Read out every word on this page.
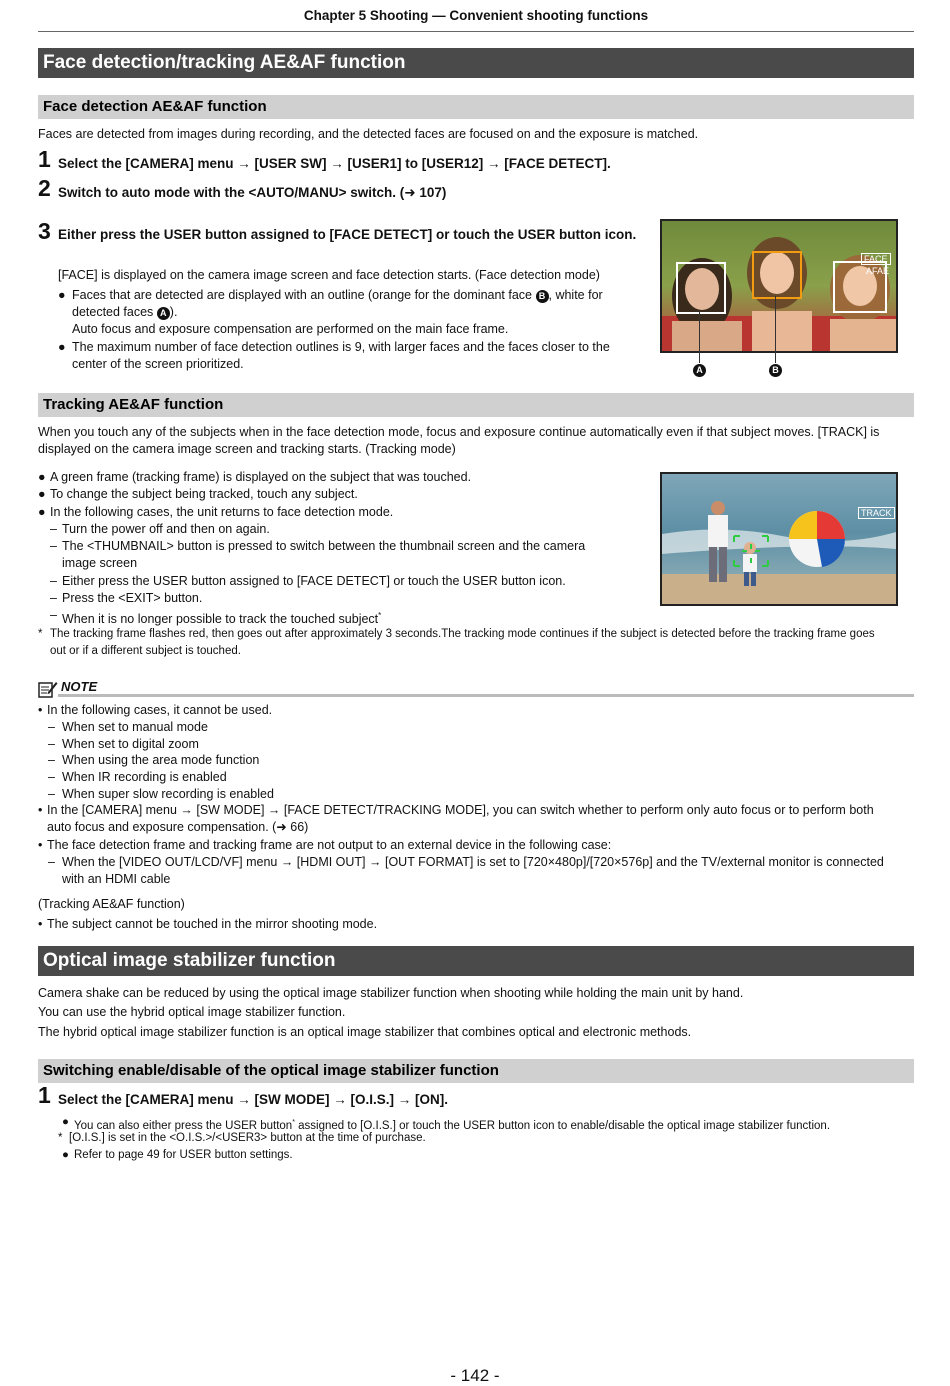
Chapter 5 Shooting — Convenient shooting functions
Face detection/tracking AE&AF function
Face detection AE&AF function
Faces are detected from images during recording, and the detected faces are focused on and the exposure is matched.
1 Select the [CAMERA] menu → [USER SW] → [USER1] to [USER12] → [FACE DETECT].
2 Switch to auto mode with the <AUTO/MANU> switch. (➜ 107)
3 Either press the USER button assigned to [FACE DETECT] or touch the USER button icon.
[FACE] is displayed on the camera image screen and face detection starts. (Face detection mode)
● Faces that are detected are displayed with an outline (orange for the dominant face B , white for
detected faces A ).
Auto focus and exposure compensation are performed on the main face frame.
● The maximum number of face detection outlines is 9, with larger faces and the faces closer to the
center of the screen prioritized.
FACE
AFAE
A	B
Tracking AE&AF function
When you touch any of the subjects when in the face detection mode, focus and exposure continue automatically even if that subject moves. [TRACK] is
displayed on the camera image screen and tracking starts. (Tracking mode)
● A green frame (tracking frame) is displayed on the subject that was touched.
● To change the subject being tracked, touch any subject.
● In the following cases, the unit returns to face detection mode.
– Turn the power off and then on again.
– The <THUMBNAIL> button is pressed to switch between the thumbnail screen and the camera
image screen
– Either press the USER button assigned to [FACE DETECT] or touch the USER button icon.
– Press the <EXIT> button.
– When it is no longer possible to track the touched subject*
* The tracking frame flashes red, then goes out after approximately 3 seconds.The tracking mode continues if the subject is detected before the tracking frame goes
out or if a different subject is touched.
TRACK
NOTE
• In the following cases, it cannot be used.
– When set to manual mode
– When set to digital zoom
– When using the area mode function
– When IR recording is enabled
– When super slow recording is enabled
• In the [CAMERA] menu → [SW MODE] → [FACE DETECT/TRACKING MODE], you can switch whether to perform only auto focus or to perform both
auto focus and exposure compensation. (➜ 66)
• The face detection frame and tracking frame are not output to an external device in the following case:
– When the [VIDEO OUT/LCD/VF] menu → [HDMI OUT] → [OUT FORMAT] is set to [720×480p]/[720×576p] and the TV/external monitor is connected
with an HDMI cable
(Tracking AE&AF function)
• The subject cannot be touched in the mirror shooting mode.
Optical image stabilizer function
Camera shake can be reduced by using the optical image stabilizer function when shooting while holding the main unit by hand.
You can use the hybrid optical image stabilizer function.
The hybrid optical image stabilizer function is an optical image stabilizer that combines optical and electronic methods.
Switching enable/disable of the optical image stabilizer function
1 Select the [CAMERA] menu → [SW MODE] → [O.I.S.] → [ON].
● You can also either press the USER button* assigned to [O.I.S.] or touch the USER button icon to enable/disable the optical image stabilizer function.
* [O.I.S.] is set in the <O.I.S.>/<USER3> button at the time of purchase.
● Refer to page 49 for USER button settings.
- 142 -
